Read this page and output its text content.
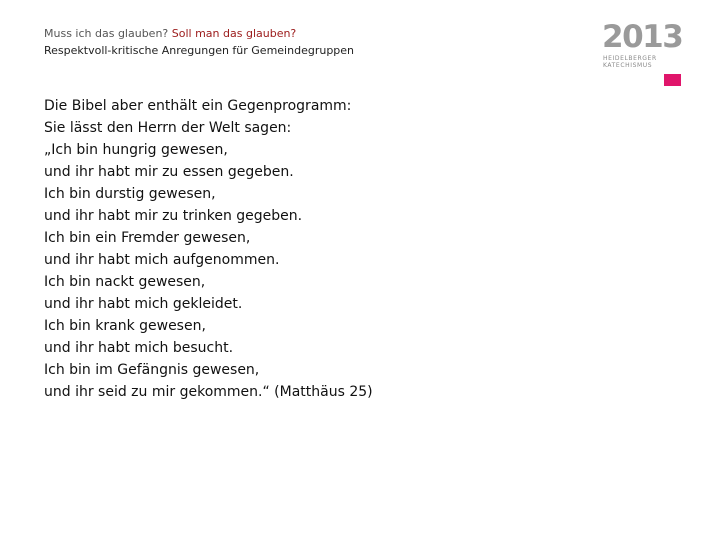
Muss ich das glauben? Soll man das glauben?
Respektvoll-kritische Anregungen für Gemeindegruppen	2013
HEIDELBERGER
KATECHISMUS
Die Bibel aber enthält ein Gegenprogramm:
Sie lässt den Herrn der Welt sagen:
„Ich bin hungrig gewesen,
und ihr habt mir zu essen gegeben.
Ich bin durstig gewesen,
und ihr habt mir zu trinken gegeben.
Ich bin ein Fremder gewesen,
und ihr habt mich aufgenommen.
Ich bin nackt gewesen,
und ihr habt mich gekleidet.
Ich bin krank gewesen,
und ihr habt mich besucht.
Ich bin im Gefängnis gewesen,
und ihr seid zu mir gekommen.“ (Matthäus 25)
